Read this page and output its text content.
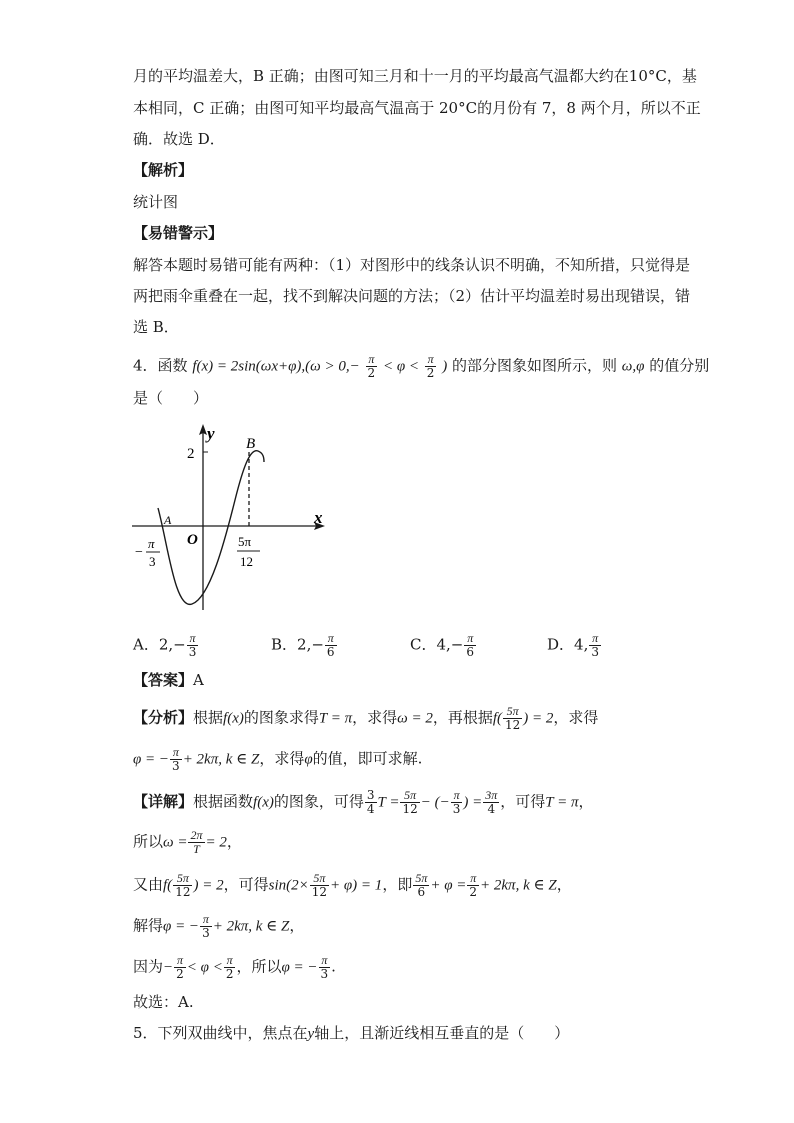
月的平均温差大，B 正确；由图可知三月和十一月的平均最高气温都大约在10°C，基
本相同，C 正确；由图可知平均最高气温高于 20°C的月份有 7，8 两个月，所以不正
确．故选 D．
【解析】
统计图
【易错警示】
解答本题时易错可能有两种：（1）对图形中的线条认识不明确，不知所措，只觉得是
两把雨伞重叠在一起，找不到解决问题的方法；（2）估计平均温差时易出现错误，错
选 B．
4．函数 $f(x) = 2\sin(\omega x+\varphi),(\omega > 0,- \frac{\pi}{2} < \varphi < \frac{\pi}{2}$ ) 的部分图象如图所示，则 ω,φ 的值分别
是（　　）
y
x
O
A
B
2
−
π
3
5π
12
A．$2,- \frac{\pi}{3}$	B．$2,- \frac{\pi}{6}$	C．$4,- \frac{\pi}{6}$	D．4, $\frac{\pi}{3}$
【答案】A
【分析】根据f(x)的图象求得T = π，求得ω = 2，再根据$f( \frac{5\pi}{12}$ ) = 2，求得
φ = − $\frac{\pi}{3} + 2k\pi$, k ∈ Z，求得φ的值，即可求解.
【详解】根据函数f(x)的图象，可得 $\frac{3}{4}$ $T = \frac{5\pi}{12}$ − (− $\frac{\pi}{3}$ ) = $\frac{3\pi}{4}$ ，可得T = π，
所以$\omega = \frac{2\pi}{T} = 2$，
又由$f( \frac{5\pi}{12}$ ) = 2，可得$\sin(2\times \frac{5\pi}{12} + \varphi) = 1$，即 $\frac{5\pi}{6} + \varphi = \frac{\pi}{2} + 2k\pi$, k ∈ Z，
解得φ = − $\frac{\pi}{3} + 2k\pi$, k ∈ Z，
因为− $\frac{\pi}{2} < \varphi < \frac{\pi}{2}$ ，所以φ = − $\frac{\pi}{3}$ .
故选：A.
5．下列双曲线中，焦点在y轴上，且渐近线相互垂直的是（　　）
